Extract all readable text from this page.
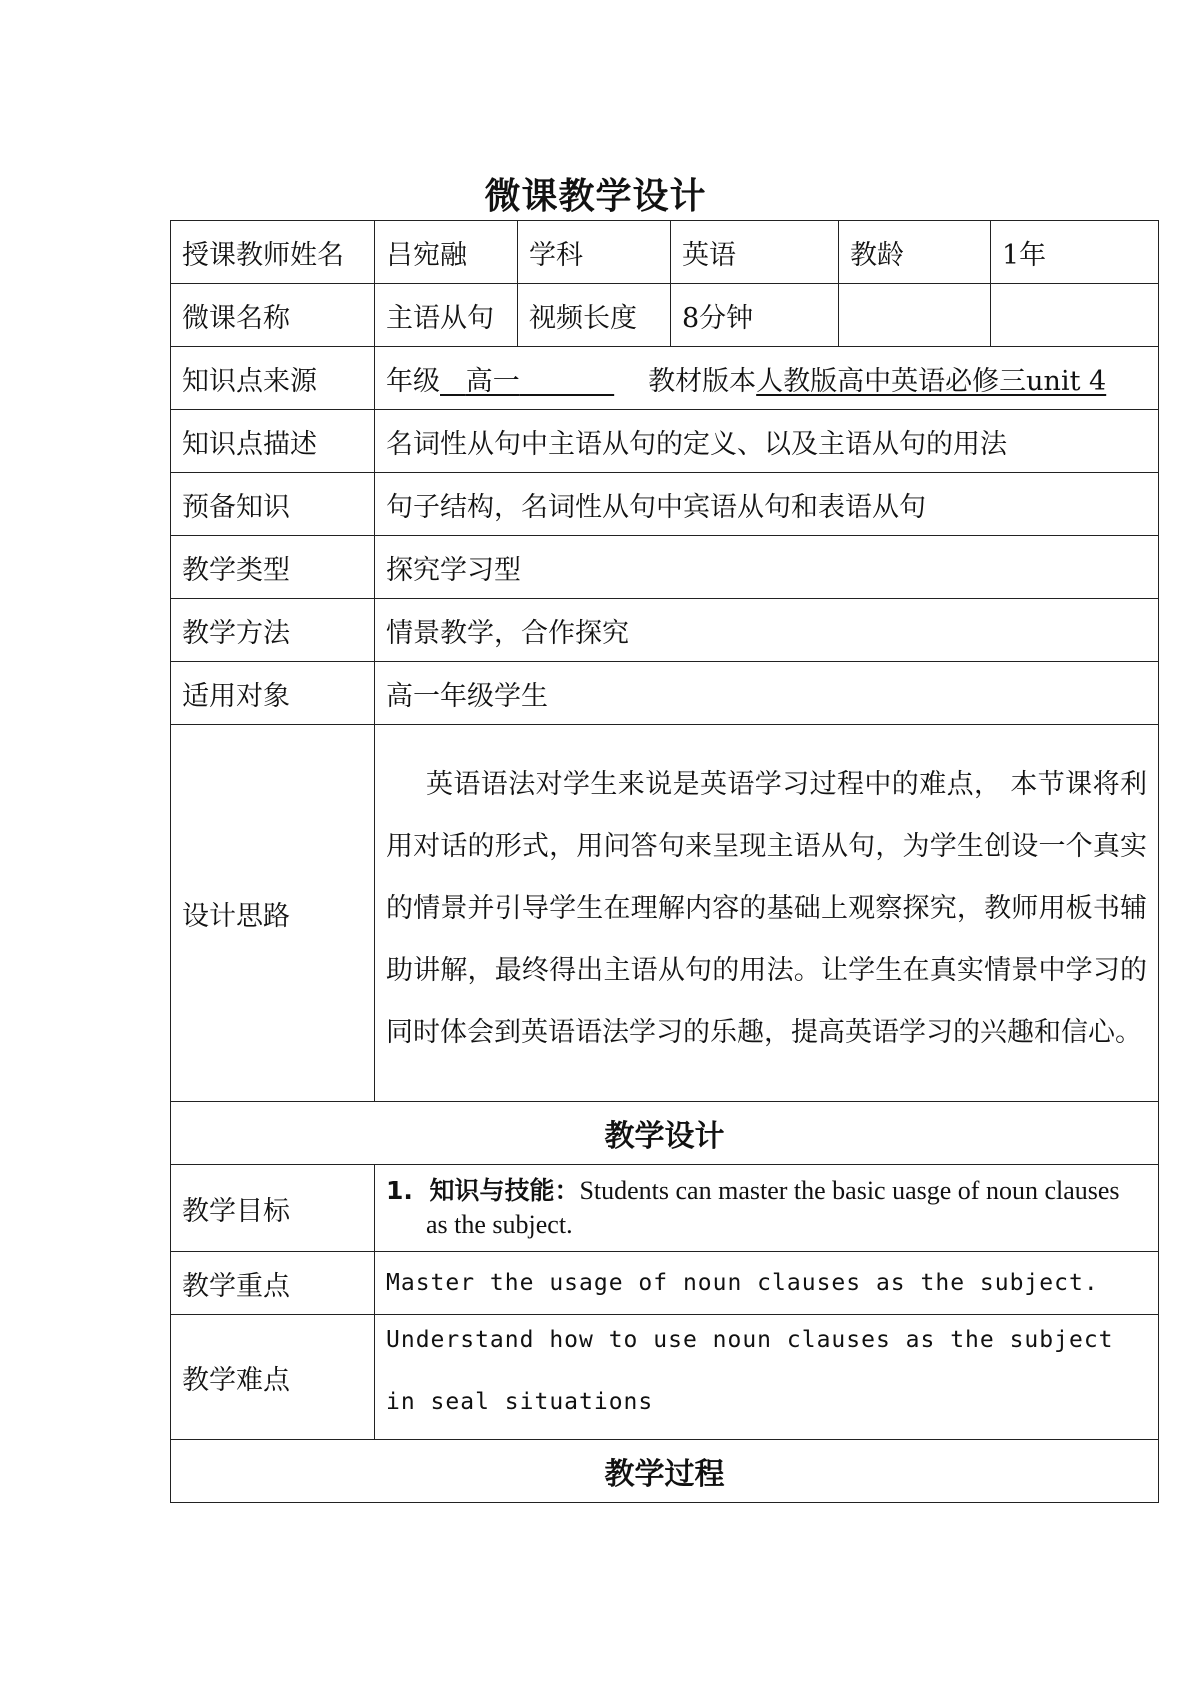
微课教学设计
授课教师姓名	吕宛融	学科	英语	教龄	1年
微课名称	主语从句	视频长度	8分钟		
知识点来源	年级 高一 教材版本人教版高中英语必修三unit 4				
知识点描述	名词性从句中主语从句的定义、以及主语从句的用法				
预备知识	句子结构，名词性从句中宾语从句和表语从句				
教学类型	探究学习型				
教学方法	情景教学，合作探究				
适用对象	高一年级学生				
设计思路	英语语法对学生来说是英语学习过程中的难点， 本节课将利用对话的形式，用问答句来呈现主语从句，为学生创设一个真实的情景并引导学生在理解内容的基础上观察探究，教师用板书辅助讲解，最终得出主语从句的用法。让学生在真实情景中学习的同时体会到英语语法学习的乐趣，提高英语学习的兴趣和信心。				

教学设计					
教学目标	1. 知识与技能：Students can master the basic uasge of noun clauses as the subject.				

教学重点	Master the usage of noun clauses as the subject.				
教学难点	Understand how to use noun clauses as the subject in seal situations				

教学过程					
